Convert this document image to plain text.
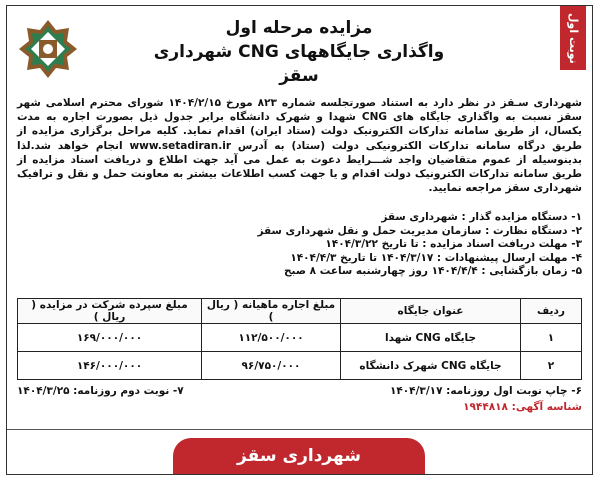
نوبت اول
مزایده مرحله اول
واگذاری جایگاههای CNG شهرداری سقز
شهرداری سـقز در نظر دارد به استناد صورتجلسه شماره ۸۲۳ مورخ ۱۴۰۴/۲/۱۵ شورای محترم اسلامی شهر سقز نسبت به واگذاری جایگاه های CNG شهدا و شهرک دانشگاه برابر جدول ذیل بصورت اجاره به مدت یکسال، از طریق سامانه تدارکات الکترونیک دولت (ستاد ایران) اقدام نماید. کلیه مراحل برگزاری مزایده از طریق درگاه سامانه تدارکات الکترونیکی دولت (ستاد) به آدرس www.setadiran.ir انجام خواهد شد.لذا بدینوسیله از عموم متقاضیان واجد شـــرایط دعوت به عمل می آید جهت اطلاع و دریافت اسناد مزایده از طریق سامانه تدارکات الکترونیک دولت اقدام و یا جهت کسب اطلاعات بیشتر به معاونت حمل و نقل و ترافیک شهرداری سقز مراجعه نمایید.
۱- دستگاه مزایده گذار : شهرداری سقز
۲- دستگاه نظارت : سازمان مدیریت حمل و نقل شهرداری سقز
۳- مهلت دریافت اسناد مزایده : تا تاریخ ۱۴۰۴/۳/۲۲
۴- مهلت ارسال پیشنهادات : ۱۴۰۴/۳/۱۷ تا تاریخ ۱۴۰۴/۴/۳
۵- زمان بازگشایی : ۱۴۰۴/۴/۴ روز چهارشنبه ساعت ۸ صبح
ردیف	عنوان جایگاه	مبلغ اجاره ماهیانه ( ریال )	مبلغ سپرده شرکت در مزایده ( ریال )
۱	جایگاه CNG شهدا	۱۱۲/۵۰۰/۰۰۰	۱۶۹/۰۰۰/۰۰۰
۲	جایگاه CNG شهرک دانشگاه	۹۶/۷۵۰/۰۰۰	۱۴۶/۰۰۰/۰۰۰
۶- چاپ نوبت اول روزنامه: ۱۴۰۴/۳/۱۷
۷- نوبت دوم روزنامه: ۱۴۰۴/۳/۲۵
شناسه آگهی: ۱۹۴۴۸۱۸
شهرداری سقز
